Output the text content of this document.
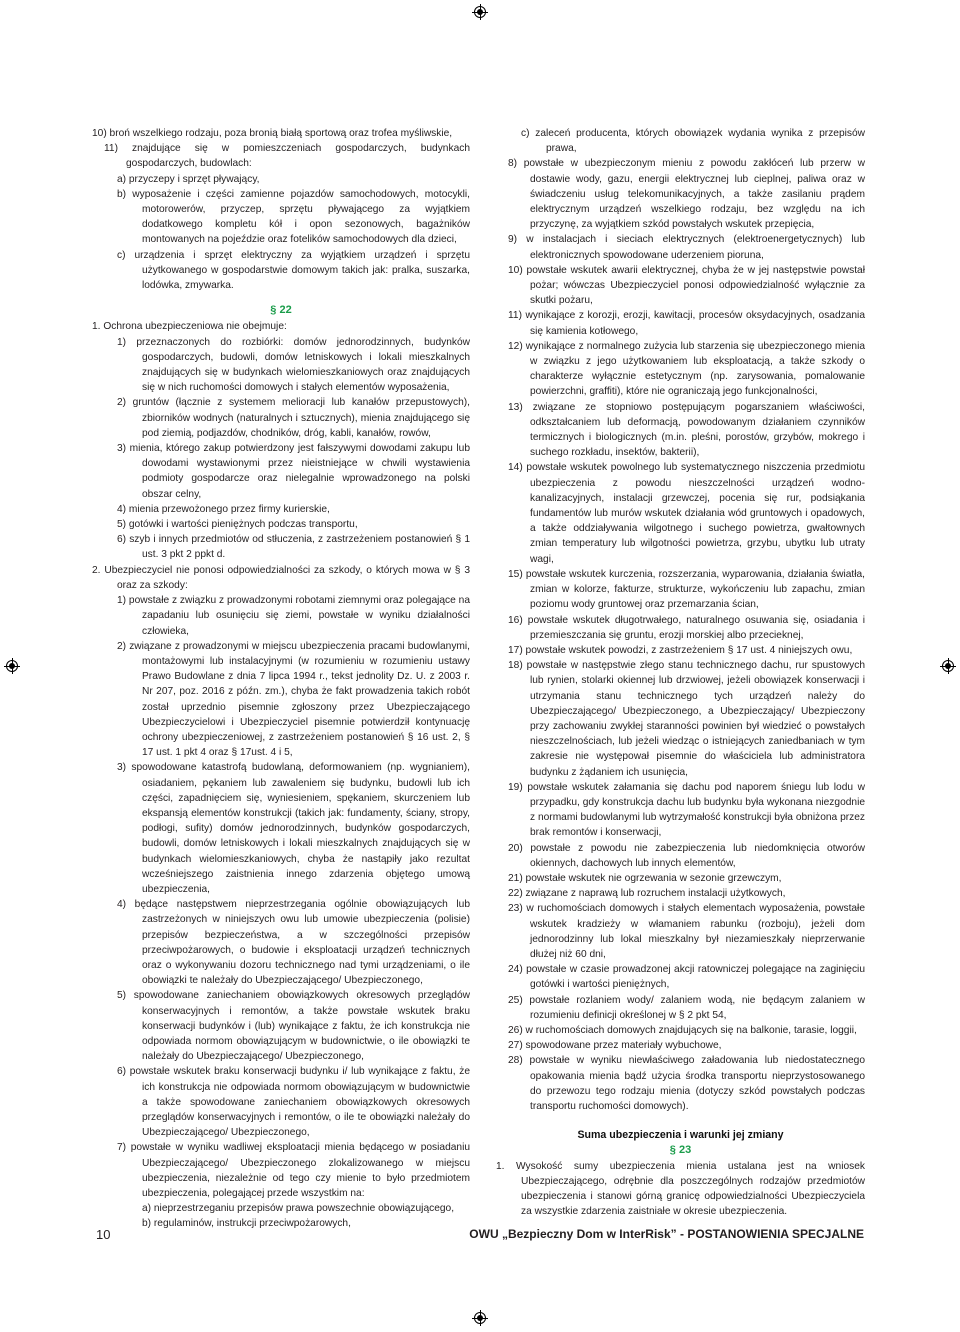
10) broń wszelkiego rodzaju, poza bronią białą sportową oraz trofea myśliwskie,

11) znajdujące się w pomieszczeniach gospodarczych, budynkach gospodarczych, budowlach:

a) przyczepy i sprzęt pływający,

b) wyposażenie i części zamienne pojazdów samochodowych, motocykli, motorowerów, przyczep, sprzętu pływającego za wyjątkiem dodatkowego kompletu kół i opon sezonowych, bagażników montowanych na pojeździe oraz fotelików samochodowych dla dzieci,

c) urządzenia i sprzęt elektryczny za wyjątkiem urządzeń i sprzętu użytkowanego w gospodarstwie domowym takich jak: pralka, suszarka, lodówka, zmywarka.

§ 22

1. Ochrona ubezpieczeniowa nie obejmuje:

1) przeznaczonych do rozbiórki: domów jednorodzinnych, budynków gospodarczych, budowli, domów letniskowych i lokali mieszkalnych znajdujących się w budynkach wielomieszkaniowych oraz znajdujących się w nich ruchomości domowych i stałych elementów wyposażenia,

2) gruntów (łącznie z systemem melioracji lub kanałów przepustowych), zbiorników wodnych (naturalnych i sztucznych), mienia znajdującego się pod ziemią, podjazdów, chodników, dróg, kabli, kanałów, rowów,

3) mienia, którego zakup potwierdzony jest fałszywymi dowodami zakupu lub dowodami wystawionymi przez nieistniejące w chwili wystawienia podmioty gospodarcze oraz nielegalnie wprowadzonego na polski obszar celny,

4) mienia przewożonego przez firmy kurierskie,

5) gotówki i wartości pieniężnych podczas transportu,

6) szyb i innych przedmiotów od stłuczenia, z zastrzeżeniem postanowień § 1 ust. 3 pkt 2 ppkt d.

2. Ubezpieczyciel nie ponosi odpowiedzialności za szkody, o których mowa w § 3 oraz za szkody:

1) powstałe z związku z prowadzonymi robotami ziemnymi oraz polegające na zapadaniu lub osunięciu się ziemi, powstałe w wyniku działalności człowieka,

2) związane z prowadzonymi w miejscu ubezpieczenia pracami budowlanymi, montażowymi lub instalacyjnymi (w rozumieniu w rozumieniu ustawy Prawo Budowlane z dnia 7 lipca 1994 r., tekst jednolity Dz. U. z 2003 r. Nr 207, poz. 2016 z późn. zm.), chyba że fakt prowadzenia takich robót został uprzednio pisemnie zgłoszony przez Ubezpieczającego Ubezpieczycielowi i Ubezpieczyciel pisemnie potwierdził kontynuację ochrony ubezpieczeniowej, z zastrzeżeniem postanowień § 16 ust. 2, § 17 ust. 1 pkt 4 oraz § 17ust. 4 i 5,

3) spowodowane katastrofą budowlaną, deformowaniem (np. wygnianiem), osiadaniem, pękaniem lub zawaleniem się budynku, budowli lub ich części, zapadnięciem się, wyniesieniem, spękaniem, skurczeniem lub ekspansją elementów konstrukcji (takich jak: fundamenty, ściany, stropy, podłogi, sufity) domów jednorodzinnych, budynków gospodarczych, budowli, domów letniskowych i lokali mieszkalnych znajdujących się w budynkach wielomieszkaniowych, chyba że nastąpiły jako rezultat wcześniejszego zaistnienia innego zdarzenia objętego umową ubezpieczenia,

4) będące następstwem nieprzestrzegania ogólnie obowiązujących lub zastrzeżonych w niniejszych owu lub umowie ubezpieczenia (polisie) przepisów bezpieczeństwa, a w szczególności przepisów przeciwpożarowych, o budowie i eksploatacji urządzeń technicznych oraz o wykonywaniu dozoru technicznego nad tymi urządzeniami, o ile obowiązki te należały do Ubezpieczającego/ Ubezpieczonego,

5) spowodowane zaniechaniem obowiązkowych okresowych przeglądów konserwacyjnych i remontów, a także powstałe wskutek braku konserwacji budynków i (lub) wynikające z faktu, że ich konstrukcja nie odpowiada normom obowiązującym w budownictwie, o ile obowiązki te należały do Ubezpieczającego/ Ubezpieczonego,

6) powstałe wskutek braku konserwacji budynku i/ lub wynikające z faktu, że ich konstrukcja nie odpowiada normom obowiązującym w budownictwie a także spowodowane zaniechaniem obowiązkowych okresowych przeglądów konserwacyjnych i remontów, o ile te obowiązki należały do Ubezpieczającego/ Ubezpieczonego,

7) powstałe w wyniku wadliwej eksploatacji mienia będącego w posiadaniu Ubezpieczającego/ Ubezpieczonego zlokalizowanego w miejscu ubezpieczenia, niezależnie od tego czy mienie to było przedmiotem ubezpieczenia, polegającej przede wszystkim na:

a) nieprzestrzeganiu przepisów prawa powszechnie obowiązującego,

b) regulaminów, instrukcji przeciwpożarowych,

c) zaleceń producenta, których obowiązek wydania wynika z przepisów prawa,

8) powstałe w ubezpieczonym mieniu z powodu zakłóceń lub przerw w dostawie wody, gazu, energii elektrycznej lub cieplnej, paliwa oraz w świadczeniu usług telekomunikacyjnych, a także zasilaniu prądem elektrycznym urządzeń wszelkiego rodzaju, bez względu na ich przyczynę, za wyjątkiem szkód powstałych wskutek przepięcia,

9) w instalacjach i sieciach elektrycznych (elektroenergetycznych) lub elektronicznych spowodowane uderzeniem pioruna,

10) powstałe wskutek awarii elektrycznej, chyba że w jej następstwie powstał pożar; wówczas Ubezpieczyciel ponosi odpowiedzialność wyłącznie za skutki pożaru,

11) wynikające z korozji, erozji, kawitacji, procesów oksydacyjnych, osadzania się kamienia kotłowego,

12) wynikające z normalnego zużycia lub starzenia się ubezpieczonego mienia w związku z jego użytkowaniem lub eksploatacją, a także szkody o charakterze wyłącznie estetycznym (np. zarysowania, pomalowanie powierzchni, graffiti), które nie ograniczają jego funkcjonalności,

13) związane ze stopniowo postępującym pogarszaniem właściwości, odkształcaniem lub deformacją, powodowanym działaniem czynników termicznych i biologicznych (m.in. pleśni, porostów, grzybów, mokrego i suchego rozkładu, insektów, bakterii),

14) powstałe wskutek powolnego lub systematycznego niszczenia przedmiotu ubezpieczenia z powodu nieszczelności urządzeń wodno-kanalizacyjnych, instalacji grzewczej, pocenia się rur, podsiąkania fundamentów lub murów wskutek działania wód gruntowych i opadowych, a także oddziaływania wilgotnego i suchego powietrza, gwałtownych zmian temperatury lub wilgotności powietrza, grzybu, ubytku lub utraty wagi,

15) powstałe wskutek kurczenia, rozszerzania, wyparowania, działania światła, zmian w kolorze, fakturze, strukturze, wykończeniu lub zapachu, zmian poziomu wody gruntowej oraz przemarzania ścian,

16) powstałe wskutek długotrwałego, naturalnego osuwania się, osiadania i przemieszczania się gruntu, erozji morskiej albo przecieknej,

17) powstałe wskutek powodzi, z zastrzeżeniem § 17 ust. 4 niniejszych owu,

18) powstałe w następstwie złego stanu technicznego dachu, rur spustowych lub rynien, stolarki okiennej lub drzwiowej, jeżeli obowiązek konserwacji i utrzymania stanu technicznego tych urządzeń należy do Ubezpieczającego/ Ubezpieczonego, a Ubezpieczający/ Ubezpieczony przy zachowaniu zwykłej staranności powinien był wiedzieć o powstałych nieszczelnościach, lub jeżeli wiedząc o istniejących zaniedbaniach w tym zakresie nie występował pisemnie do właściciela lub administratora budynku z żądaniem ich usunięcia,

19) powstałe wskutek załamania się dachu pod naporem śniegu lub lodu w przypadku, gdy konstrukcja dachu lub budynku była wykonana niezgodnie z normami budowlanymi lub wytrzymałość konstrukcji była obniżona przez brak remontów i konserwacji,

20) powstałe z powodu nie zabezpieczenia lub niedomknięcia otworów okiennych, dachowych lub innych elementów,

21) powstałe wskutek nie ogrzewania w sezonie grzewczym,

22) związane z naprawą lub rozruchem instalacji użytkowych,

23) w ruchomościach domowych i stałych elementach wyposażenia, powstałe wskutek kradzieży w włamaniem rabunku (rozboju), jeżeli dom jednorodzinny lub lokal mieszkalny był niezamieszkały nieprzerwanie dłużej niż 60 dni,

24) powstałe w czasie prowadzonej akcji ratowniczej polegające na zaginięciu gotówki i wartości pieniężnych,

25) powstałe rozlaniem wody/ zalaniem wodą, nie będącym zalaniem w rozumieniu definicji określonej w § 2 pkt 54,

26) w ruchomościach domowych znajdujących się na balkonie, tarasie, loggii,

27) spowodowane przez materiały wybuchowe,

28) powstałe w wyniku niewłaściwego załadowania lub niedostatecznego opakowania mienia bądź użycia środka transportu nieprzystosowanego do przewozu tego rodzaju mienia (dotyczy szkód powstałych podczas transportu ruchomości domowych).

Suma ubezpieczenia i warunki jej zmiany

§ 23

1. Wysokość sumy ubezpieczenia mienia ustalana jest na wniosek Ubezpieczającego, odrębnie dla poszczególnych rodzajów przedmiotów ubezpieczenia i stanowi górną granicę odpowiedzialności Ubezpieczyciela za wszystkie zdarzenia zaistniałe w okresie ubezpieczenia.

10	OWU „Bezpieczny Dom w InterRisk” - POSTANOWIENIA SPECJALNE
